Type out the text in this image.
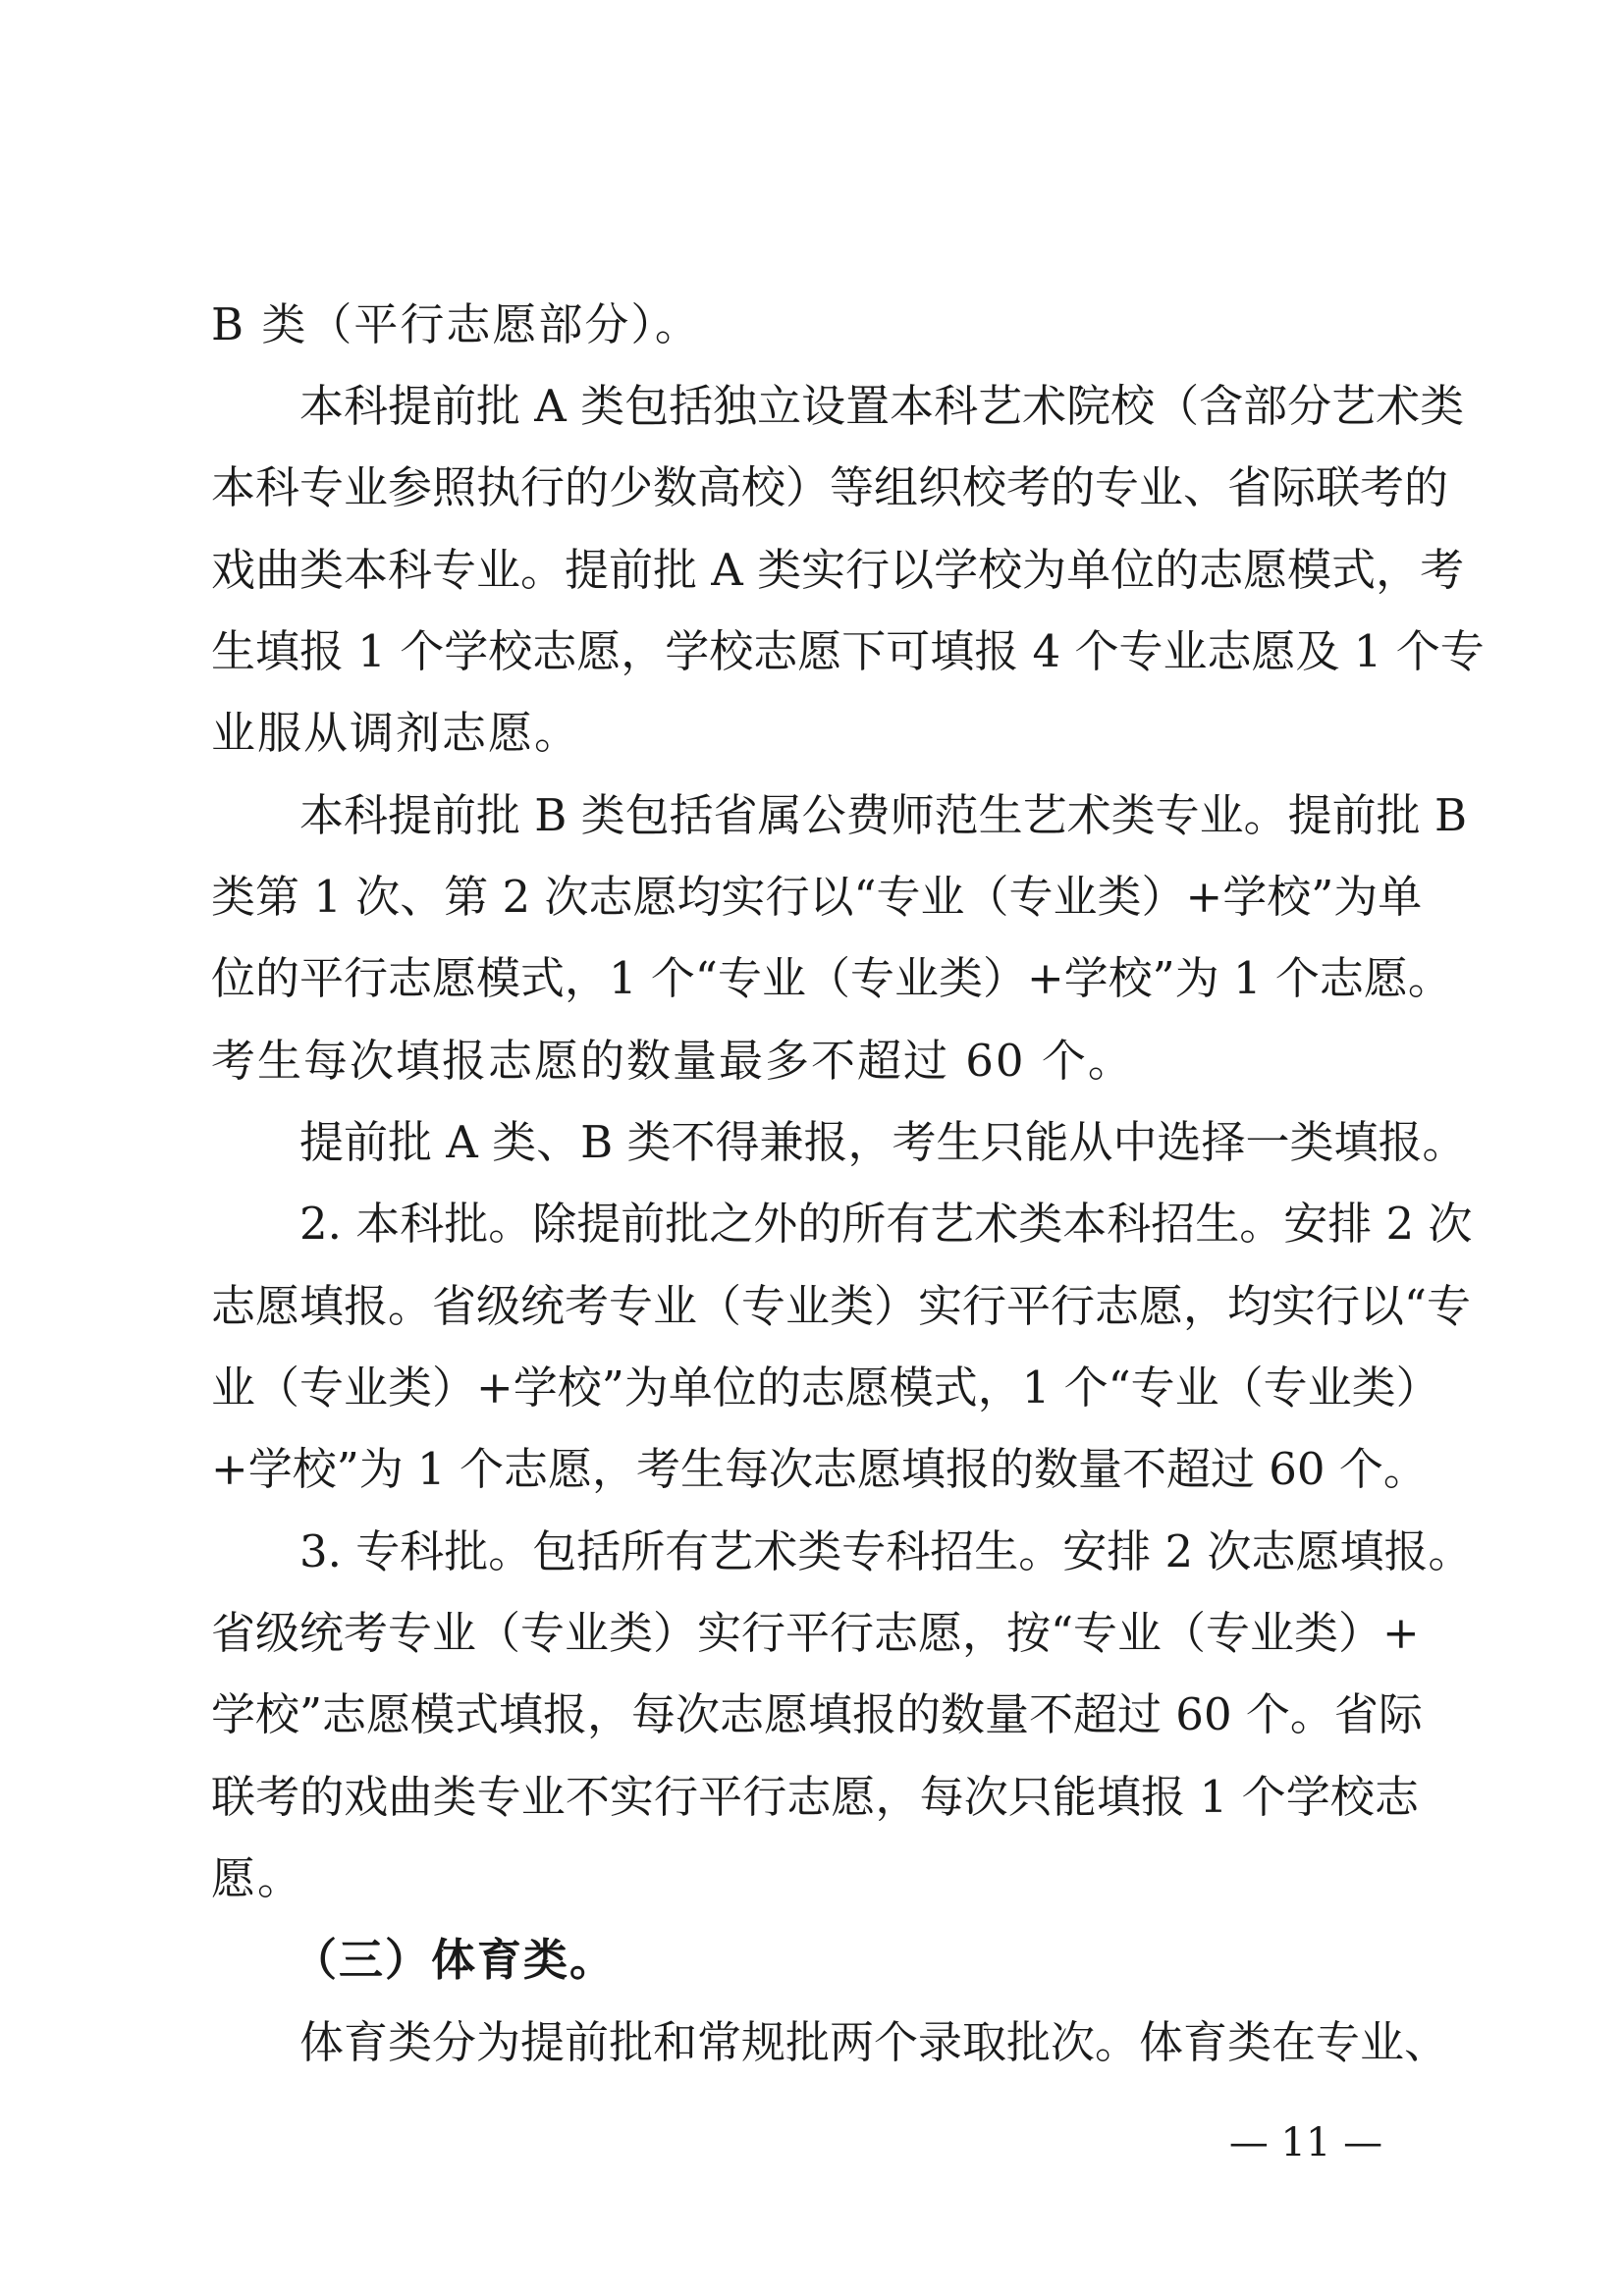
B 类（平行志愿部分）。
本科提前批 A 类包括独立设置本科艺术院校（含部分艺术类
本科专业参照执行的少数高校）等组织校考的专业、省际联考的
戏曲类本科专业。提前批 A 类实行以学校为单位的志愿模式，考
生填报 1 个学校志愿，学校志愿下可填报 4 个专业志愿及 1 个专
业服从调剂志愿。
本科提前批 B 类包括省属公费师范生艺术类专业。提前批 B
类第 1 次、第 2 次志愿均实行以“专业（专业类）+学校”为单
位的平行志愿模式，1 个“专业（专业类）+学校”为 1 个志愿。
考生每次填报志愿的数量最多不超过 60 个。
提前批 A 类、B 类不得兼报，考生只能从中选择一类填报。
2. 本科批。除提前批之外的所有艺术类本科招生。安排 2 次
志愿填报。省级统考专业（专业类）实行平行志愿，均实行以“专
业（专业类）+学校”为单位的志愿模式，1 个“专业（专业类）
+学校”为 1 个志愿，考生每次志愿填报的数量不超过 60 个。
3. 专科批。包括所有艺术类专科招生。安排 2 次志愿填报。
省级统考专业（专业类）实行平行志愿，按“专业（专业类）+
学校”志愿模式填报，每次志愿填报的数量不超过 60 个。省际
联考的戏曲类专业不实行平行志愿，每次只能填报 1 个学校志
愿。
（三）体育类。
体育类分为提前批和常规批两个录取批次。体育类在专业、
— 11 —
